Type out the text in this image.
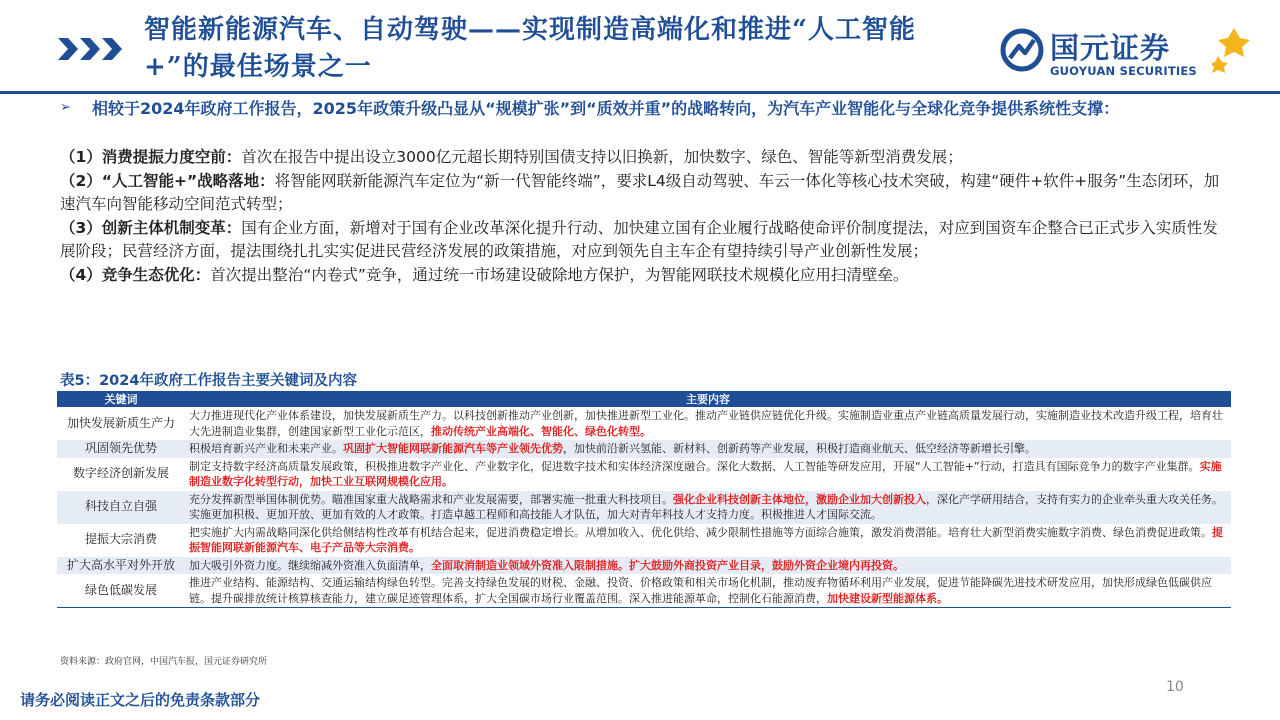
智能新能源汽车、自动驾驶——实现制造高端化和推进“人工智能+”的最佳场景之一
国元证券
GUOYUAN SECURITIES
➢	相较于2024年政府工作报告，2025年政策升级凸显从“规模扩张”到“质效并重”的战略转向，为汽车产业智能化与全球化竞争提供系统性支撑：
（1）消费提振力度空前：首次在报告中提出设立3000亿元超长期特别国债支持以旧换新，加快数字、绿色、智能等新型消费发展；
（2）“人工智能+”战略落地：将智能网联新能源汽车定位为“新一代智能终端”，要求L4级自动驾驶、车云一体化等核心技术突破，构建“硬件+软件+服务”生态闭环，加速汽车向智能移动空间范式转型；
（3）创新主体机制变革：国有企业方面，新增对于国有企业改革深化提升行动、加快建立国有企业履行战略使命评价制度提法，对应到国资车企整合已正式步入实质性发展阶段；民营经济方面，提法围绕扎扎实实促进民营经济发展的政策措施，对应到领先自主车企有望持续引导产业创新性发展；
（4）竞争生态优化：首次提出整治“内卷式”竞争，通过统一市场建设破除地方保护，为智能网联技术规模化应用扫清壁垒。
表5：2024年政府工作报告主要关键词及内容
关键词	主要内容
加快发展新质生产力	大力推进现代化产业体系建设，加快发展新质生产力。以科技创新推动产业创新，加快推进新型工业化。推动产业链供应链优化升级。实施制造业重点产业链高质量发展行动，实施制造业技术改造升级工程，培育壮大先进制造业集群，创建国家新型工业化示范区，推动传统产业高端化、智能化、绿色化转型。
巩固领先优势	积极培育新兴产业和未来产业。巩固扩大智能网联新能源汽车等产业领先优势，加快前沿新兴氢能、新材料、创新药等产业发展，积极打造商业航天、低空经济等新增长引擎。
数字经济创新发展	制定支持数字经济高质量发展政策，积极推进数字产业化、产业数字化，促进数字技术和实体经济深度融合。深化大数据、人工智能等研发应用，开展“人工智能+”行动，打造具有国际竞争力的数字产业集群。实施制造业数字化转型行动，加快工业互联网规模化应用。
科技自立自强	充分发挥新型举国体制优势。瞄准国家重大战略需求和产业发展需要，部署实施一批重大科技项目。强化企业科技创新主体地位，激励企业加大创新投入，深化产学研用结合，支持有实力的企业牵头重大攻关任务。实施更加积极、更加开放、更加有效的人才政策。打造卓越工程师和高技能人才队伍，加大对青年科技人才支持力度。积极推进人才国际交流。
提振大宗消费	把实施扩大内需战略同深化供给侧结构性改革有机结合起来，促进消费稳定增长。从增加收入、优化供给、减少限制性措施等方面综合施策，激发消费潜能。培育壮大新型消费实施数字消费、绿色消费促进政策。提振智能网联新能源汽车、电子产品等大宗消费。
扩大高水平对外开放	加大吸引外资力度。继续缩减外资准入负面清单，全面取消制造业领域外资准入限制措施。扩大鼓励外商投资产业目录，鼓励外资企业境内再投资。
绿色低碳发展	推进产业结构、能源结构、交通运输结构绿色转型。完善支持绿色发展的财税、金融、投资、价格政策和相关市场化机制，推动废弃物循环利用产业发展，促进节能降碳先进技术研发应用，加快形成绿色低碳供应链。提升碳排放统计核算核查能力，建立碳足迹管理体系，扩大全国碳市场行业覆盖范围。深入推进能源革命，控制化石能源消费，加快建设新型能源体系。
资料来源：政府官网，中国汽车报，国元证券研究所
请务必阅读正文之后的免责条款部分
10
